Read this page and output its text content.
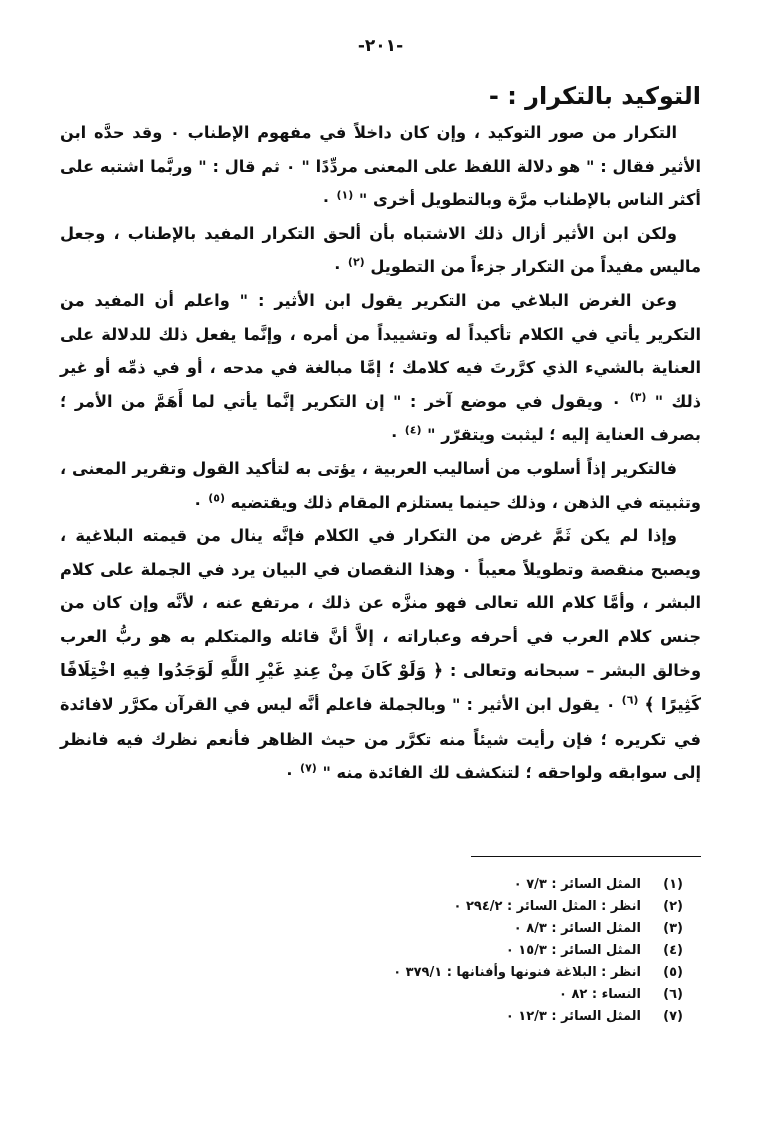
-٢٠١-
التوكيد بالتكرار : -

التكرار من صور التوكيد ، وإن كان داخلاً في مفهوم الإطناب ٠ وقد حدَّه ابن الأثير فقال : " هو دلالة اللفظ على المعنى مردِّدًا " ٠ ثم قال : " وربَّما اشتبه على أكثر الناس بالإطناب مرَّة وبالتطويل أخرى " $^{(١)}$ ٠

ولكن ابن الأثير أزال ذلك الاشتباه بأن ألحق التكرار المفيد بالإطناب ، وجعل ماليس مفيداً من التكرار جزءاً من التطويل $^{(٢)}$ ٠

وعن الغرض البلاغي من التكرير يقول ابن الأثير : " واعلم أن المفيد من التكرير يأتي في الكلام تأكيداً له وتشييداً من أمره ، وإنَّما يفعل ذلك للدلالة على العناية بالشيء الذي كرَّرتَ فيه كلامك ؛ إمَّا مبالغة في مدحه ، أو في ذمِّه أو غير ذلك " $^{(٣)}$ ٠ ويقول في موضع آخر : " إن التكرير إنَّما يأتي لما أَهَمَّ من الأمر ؛ بصرف العناية إليه ؛ ليثبت ويتقرّر " $^{(٤)}$ ٠

فالتكرير إذاً أسلوب من أساليب العربية ، يؤتى به لتأكيد القول وتقرير المعنى ، وتثبيته في الذهن ، وذلك حينما يستلزم المقام ذلك ويقتضيه $^{(٥)}$ ٠

وإذا لم يكن ثَمَّ غرض من التكرار في الكلام فإنَّه ينال من قيمته البلاغية ، ويصبح منقصة وتطويلاً معيباً ٠ وهذا النقصان في البيان يرد في الجملة على كلام البشر ، وأمَّا كلام الله تعالى فهو منزَّه عن ذلك ، مرتفع عنه ، لأنَّه وإن كان من جنس كلام العرب في أحرفه وعباراته ، إلاَّ أنَّ قائله والمتكلم به هو ربُّ العرب وخالق البشر – سبحانه وتعالى : ﴿ وَلَوْ كَانَ مِنْ عِندِ غَيْرِ اللَّهِ لَوَجَدُوا فِيهِ اخْتِلَافًا كَثِيرًا ﴾ $^{(٦)}$ ٠ يقول ابن الأثير : " وبالجملة فاعلم أنَّه ليس في القرآن مكرَّر لافائدة في تكريره ؛ فإن رأيت شيئاً منه تكرَّر من حيث الظاهر فأنعم نظرك فيه فانظر إلى سوابقه ولواحقه ؛ لتنكشف لك الفائدة منه " $^{(٧)}$ ٠

(١)
المثل السائر : ٧/٣ ٠
(٢)
انظر : المثل السائر : ٢٩٤/٢ ٠
(٣)
المثل السائر : ٨/٣ ٠
(٤)
المثل السائر : ١٥/٣ ٠
(٥)
انظر : البلاغة فنونها وأفنانها : ٣٧٩/١ ٠
(٦)
النساء : ٨٢ ٠
(٧)
المثل السائر : ١٢/٣ ٠
